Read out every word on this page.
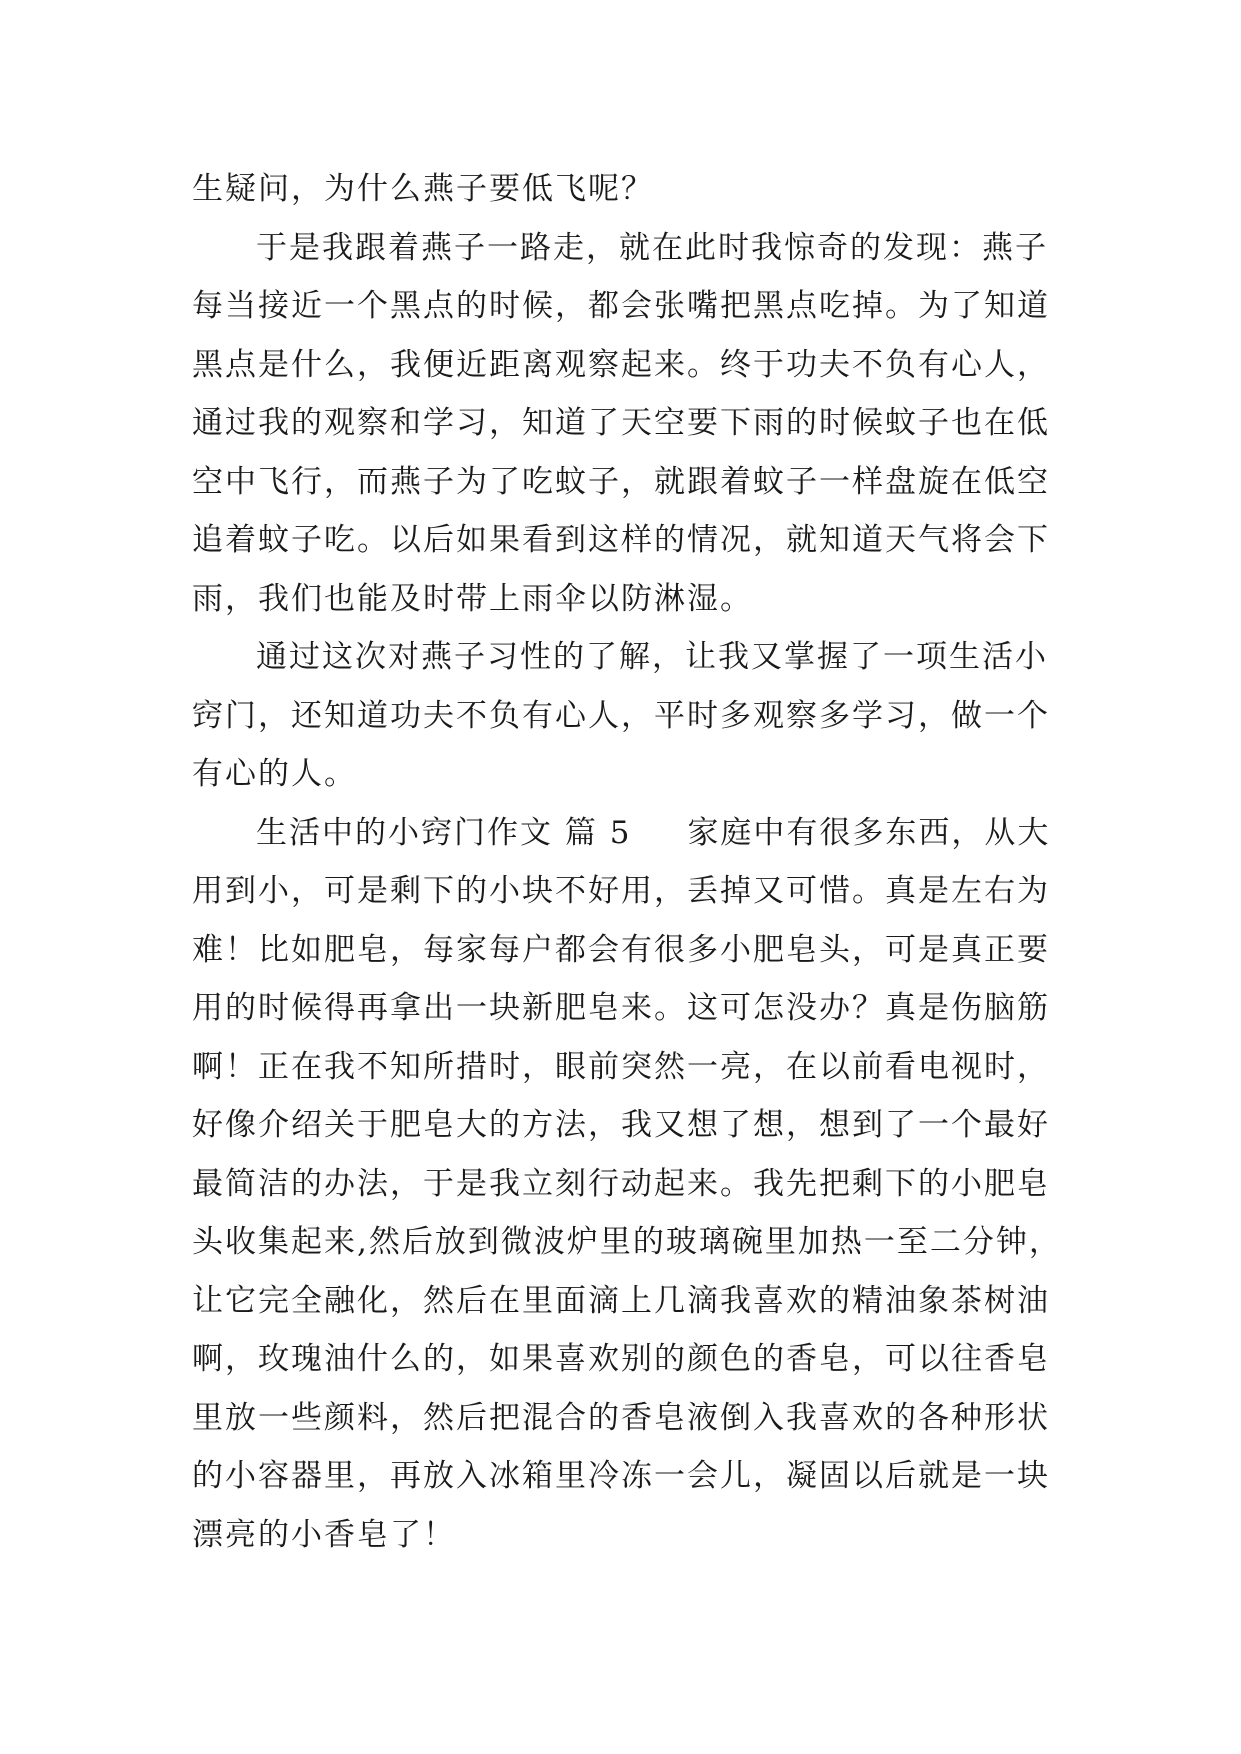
生疑问，为什么燕子要低飞呢？
于是我跟着燕子一路走，就在此时我惊奇的发现：燕子
每当接近一个黑点的时候，都会张嘴把黑点吃掉。为了知道
黑点是什么，我便近距离观察起来。终于功夫不负有心人，
通过我的观察和学习，知道了天空要下雨的时候蚊子也在低
空中飞行，而燕子为了吃蚊子，就跟着蚊子一样盘旋在低空
追着蚊子吃。以后如果看到这样的情况，就知道天气将会下
雨，我们也能及时带上雨伞以防淋湿。
通过这次对燕子习性的了解，让我又掌握了一项生活小
窍门，还知道功夫不负有心人，平时多观察多学习，做一个
有心的人。
生活中的小窍门作文 篇 5 家庭中有很多东西，从大
用到小，可是剩下的小块不好用，丢掉又可惜。真是左右为
难！比如肥皂，每家每户都会有很多小肥皂头，可是真正要
用的时候得再拿出一块新肥皂来。这可怎没办？真是伤脑筋
啊！正在我不知所措时，眼前突然一亮，在以前看电视时，
好像介绍关于肥皂大的方法，我又想了想，想到了一个最好
最简洁的办法，于是我立刻行动起来。我先把剩下的小肥皂
头收集起来,然后放到微波炉里的玻璃碗里加热一至二分钟，
让它完全融化，然后在里面滴上几滴我喜欢的精油象茶树油
啊，玫瑰油什么的，如果喜欢别的颜色的香皂，可以往香皂
里放一些颜料，然后把混合的香皂液倒入我喜欢的各种形状
的小容器里，再放入冰箱里冷冻一会儿，凝固以后就是一块
漂亮的小香皂了！
